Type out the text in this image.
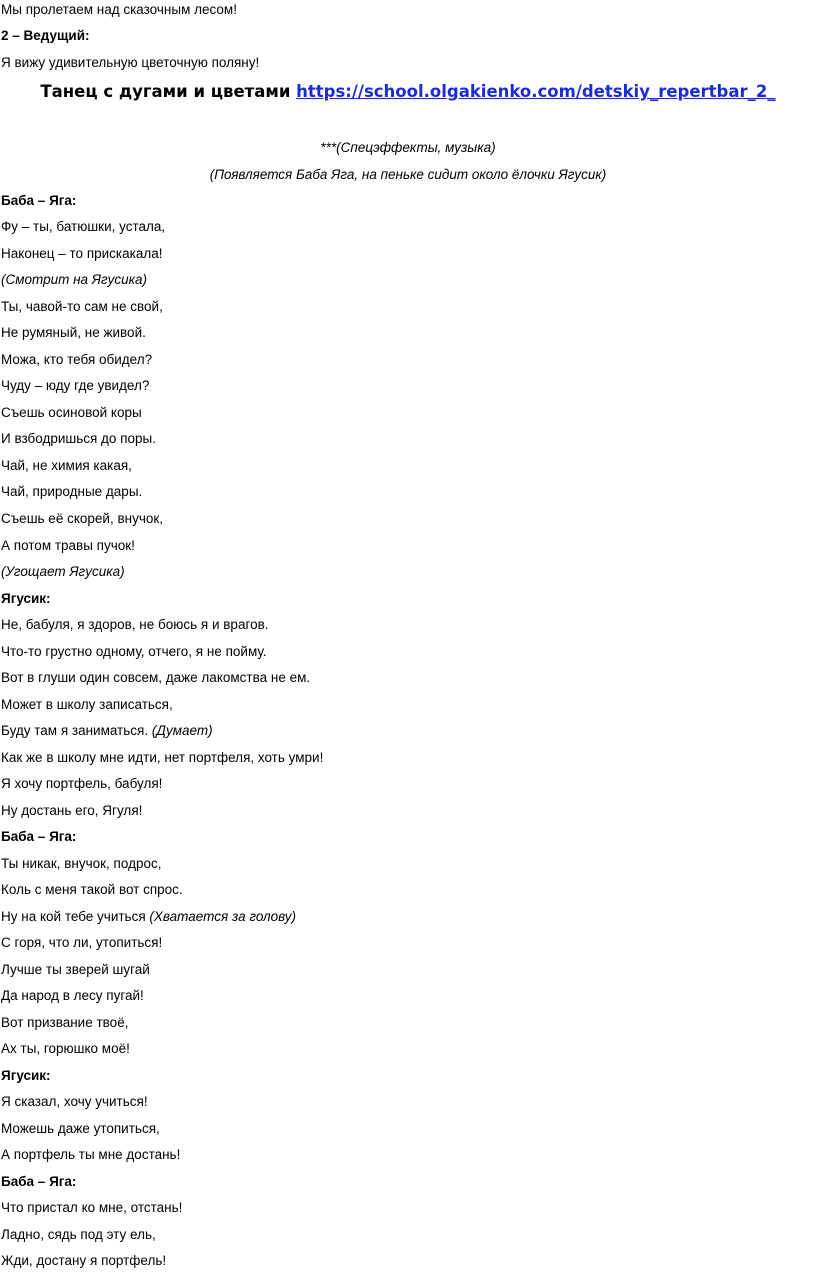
Мы пролетаем над сказочным лесом!
2 – Ведущий:
Я вижу удивительную цветочную поляну!
Танец с дугами и цветами https://school.olgakienko.com/detskiy_repertbar_2_
***(Спецэффекты, музыка)
(Появляется Баба Яга, на пеньке сидит около ёлочки Ягусик)
Баба – Яга:
Фу – ты, батюшки, устала,
Наконец – то прискакала!
(Смотрит на Ягусика)
Ты, чавой-то сам не свой,
Не румяный, не живой.
Можа, кто тебя обидел?
Чуду – юду где увидел?
Съешь осиновой коры
И взбодришься до поры.
Чай, не химия какая,
Чай, природные дары.
Съешь её скорей, внучок,
А потом травы пучок!
(Угощает Ягусика)
Ягусик:
Не, бабуля, я здоров, не боюсь я и врагов.
Что-то грустно одному, отчего, я не пойму.
Вот в глуши один совсем, даже лакомства не ем.
Может в школу записаться,
Буду там я заниматься. (Думает)
Как же в школу мне идти, нет портфеля, хоть умри!
Я хочу портфель, бабуля!
Ну достань его, Ягуля!
Баба – Яга:
Ты никак, внучок, подрос,
Коль с меня такой вот спрос.
Ну на кой тебе учиться (Хватается за голову)
С горя, что ли, утопиться!
Лучше ты зверей шугай
Да народ в лесу пугай!
Вот призвание твоё,
Ах ты, горюшко моё!
Ягусик:
Я сказал, хочу учиться!
Можешь даже утопиться,
А портфель ты мне достань!
Баба – Яга:
Что пристал ко мне, отстань!
Ладно, сядь под эту ель,
Жди, достану я портфель!
